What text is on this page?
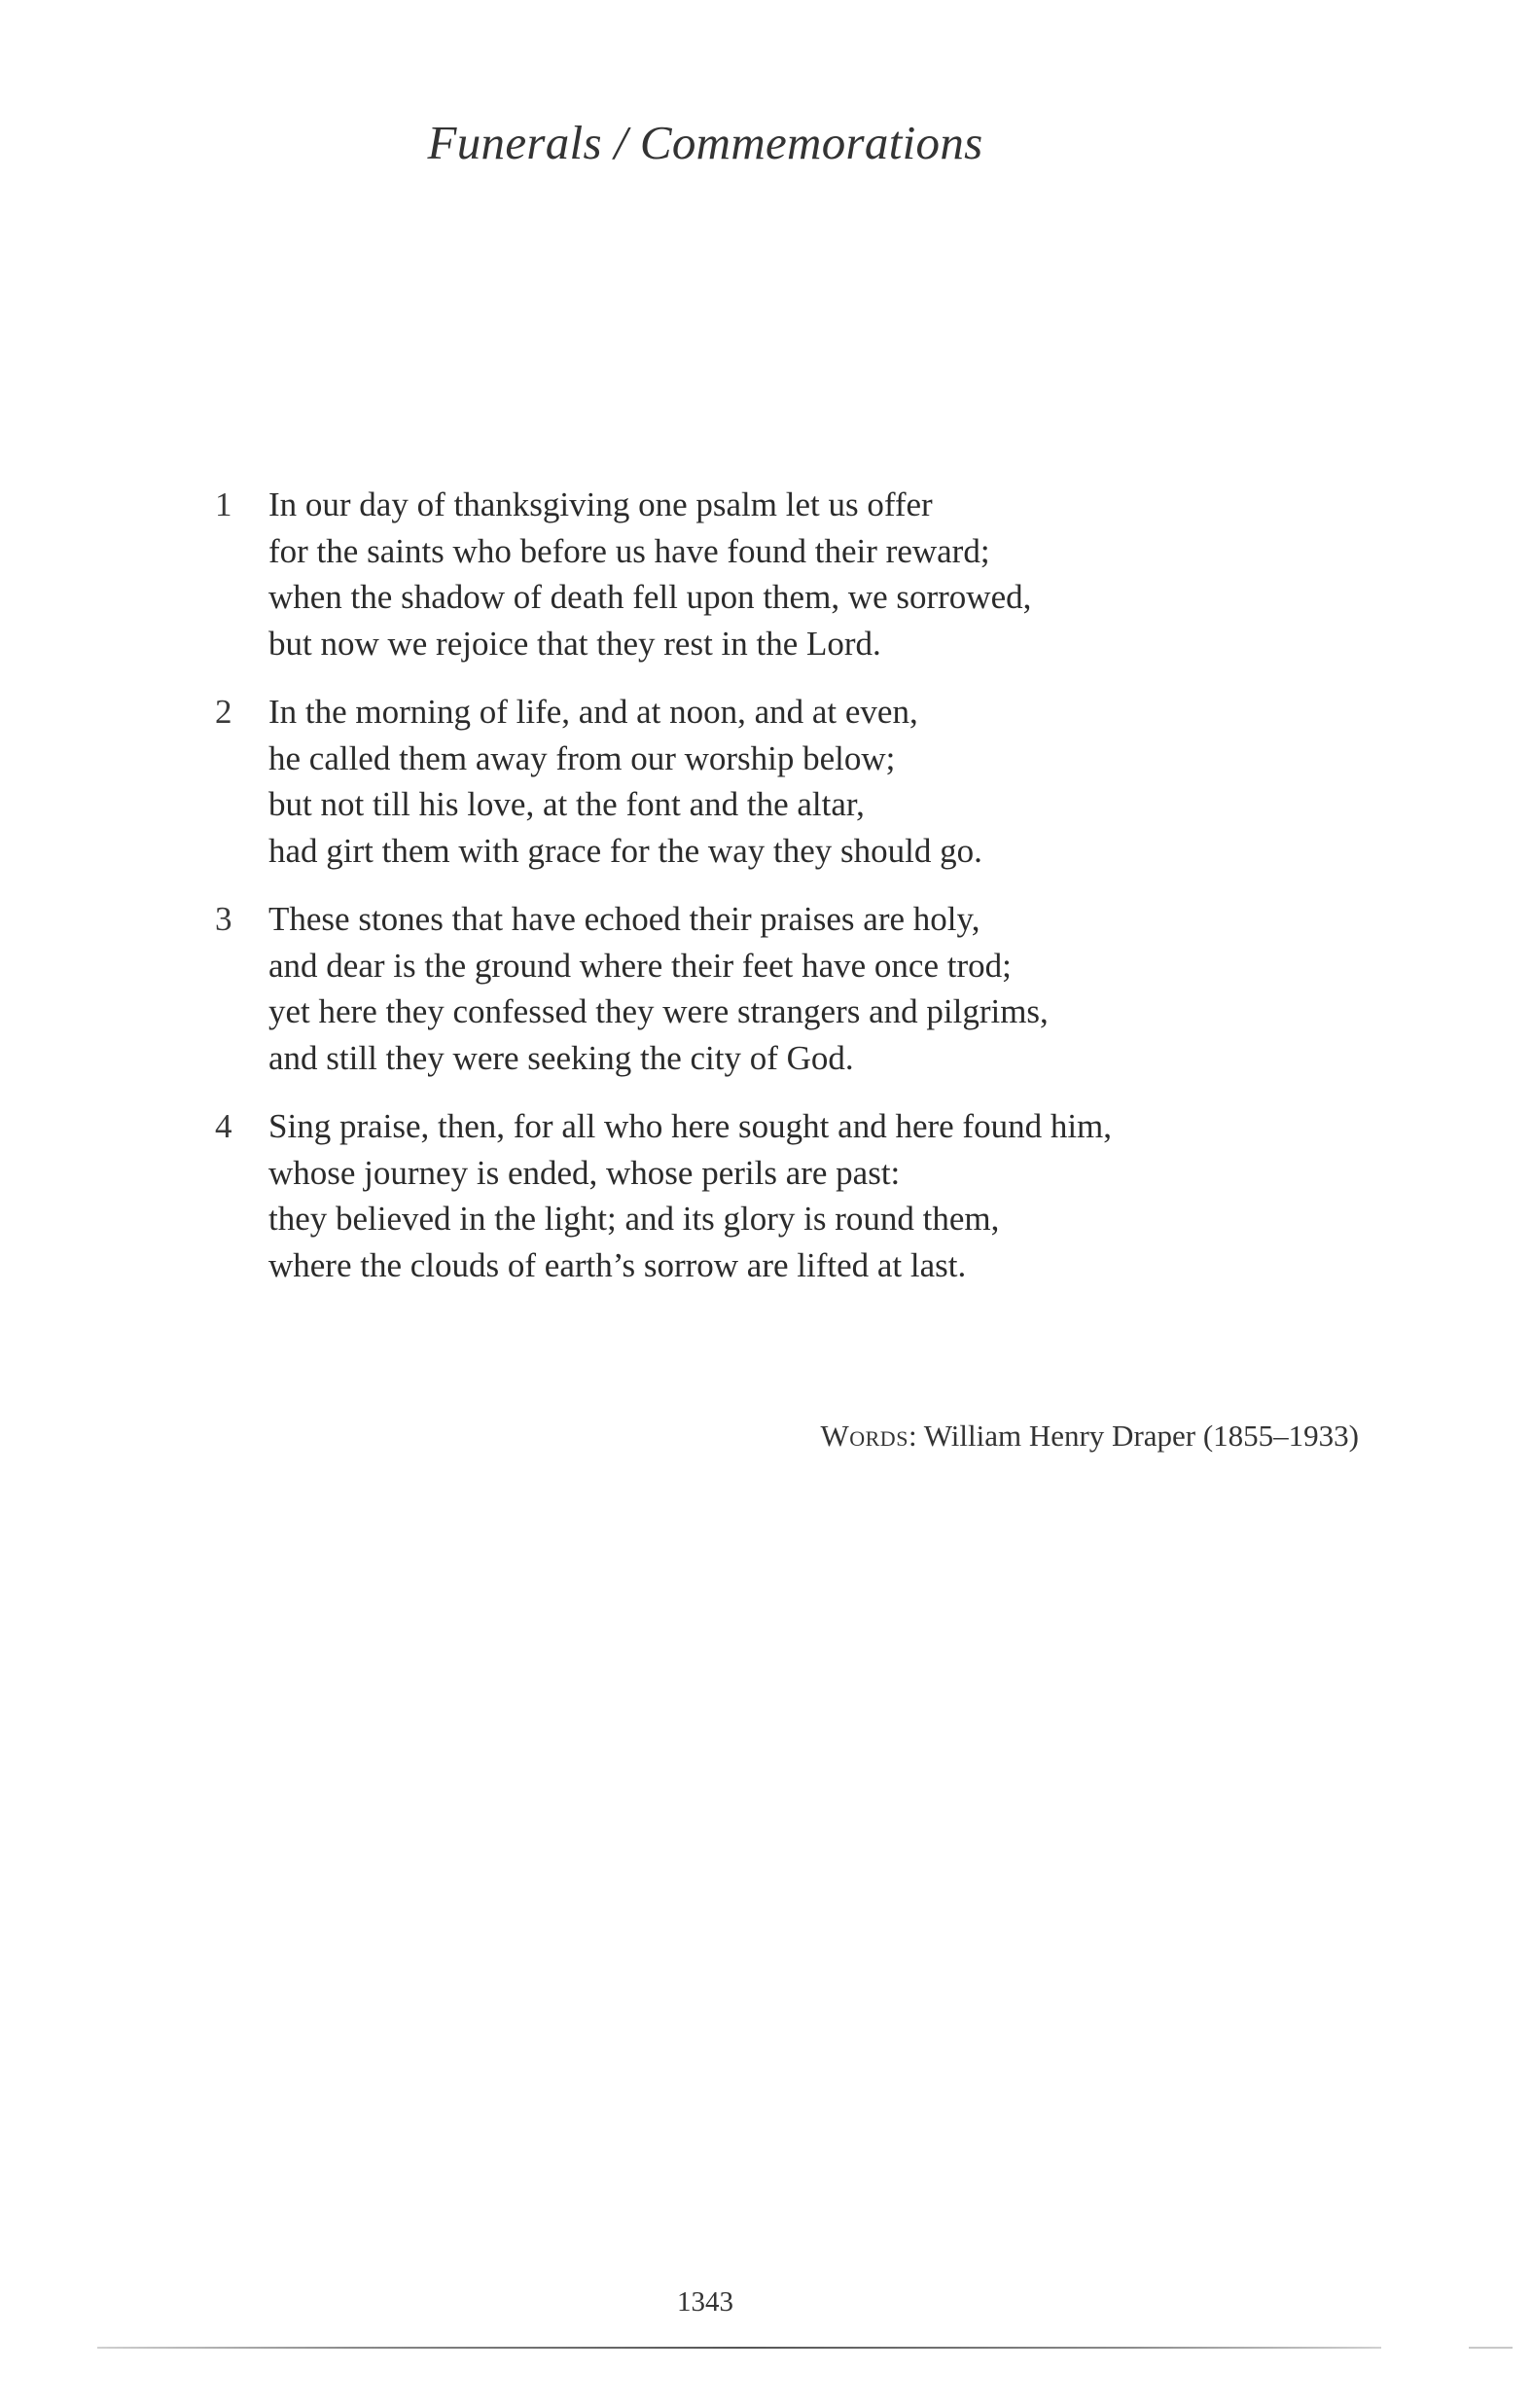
Funerals / Commemorations
1	In our day of thanksgiving one psalm let us offer
for the saints who before us have found their reward;
when the shadow of death fell upon them, we sorrowed,
but now we rejoice that they rest in the Lord.
2	In the morning of life, and at noon, and at even,
he called them away from our worship below;
but not till his love, at the font and the altar,
had girt them with grace for the way they should go.
3	These stones that have echoed their praises are holy,
and dear is the ground where their feet have once trod;
yet here they confessed they were strangers and pilgrims,
and still they were seeking the city of God.
4	Sing praise, then, for all who here sought and here found him,
whose journey is ended, whose perils are past:
they believed in the light; and its glory is round them,
where the clouds of earth’s sorrow are lifted at last.
Words: William Henry Draper (1855–1933)
1343
